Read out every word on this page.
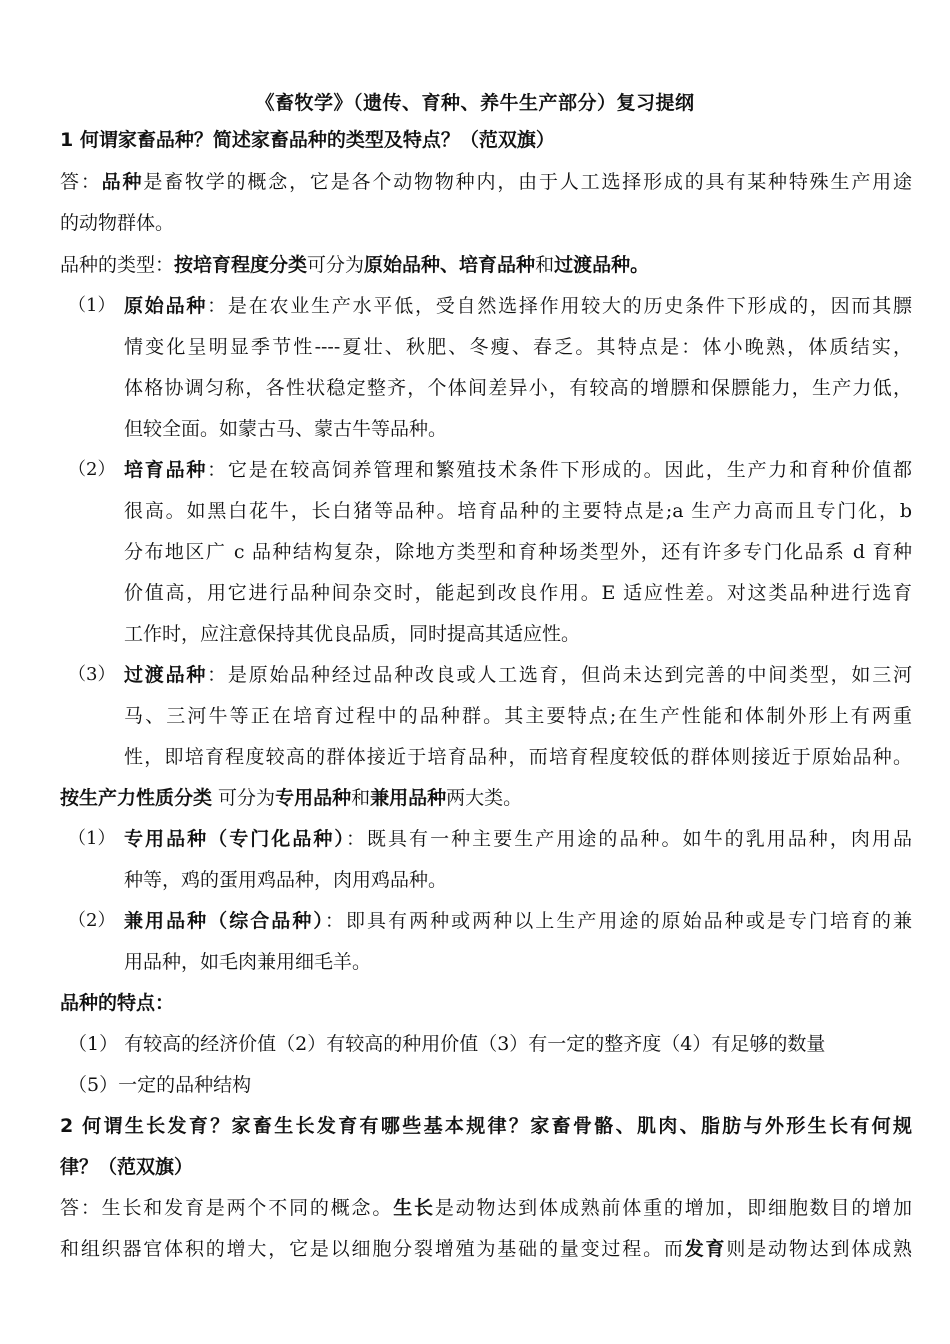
《畜牧学》（遗传、育种、养牛生产部分）复习提纲
1 何谓家畜品种？简述家畜品种的类型及特点？（范双旗）
答：品种是畜牧学的概念，它是各个动物物种内，由于人工选择形成的具有某种特殊生产用途
的动物群体。
品种的类型：按培育程度分类可分为原始品种、培育品种和过渡品种。
（1） 原始品种：是在农业生产水平低，受自然选择作用较大的历史条件下形成的，因而其膘
情变化呈明显季节性----夏壮、秋肥、冬瘦、春乏。其特点是：体小晚熟，体质结实，
体格协调匀称，各性状稳定整齐，个体间差异小，有较高的增膘和保膘能力，生产力低，
但较全面。如蒙古马、蒙古牛等品种。
（2） 培育品种：它是在较高饲养管理和繁殖技术条件下形成的。因此，生产力和育种价值都
很高。如黑白花牛，长白猪等品种。培育品种的主要特点是;a 生产力高而且专门化，b
分布地区广 c 品种结构复杂，除地方类型和育种场类型外，还有许多专门化品系 d 育种
价值高，用它进行品种间杂交时，能起到改良作用。E 适应性差。对这类品种进行选育
工作时，应注意保持其优良品质，同时提高其适应性。
（3） 过渡品种：是原始品种经过品种改良或人工选育，但尚未达到完善的中间类型，如三河
马、三河牛等正在培育过程中的品种群。其主要特点;在生产性能和体制外形上有两重
性，即培育程度较高的群体接近于培育品种，而培育程度较低的群体则接近于原始品种。
按生产力性质分类 可分为专用品种和兼用品种两大类。
（1） 专用品种（专门化品种）：既具有一种主要生产用途的品种。如牛的乳用品种，肉用品
种等，鸡的蛋用鸡品种，肉用鸡品种。
（2） 兼用品种（综合品种）：即具有两种或两种以上生产用途的原始品种或是专门培育的兼
用品种，如毛肉兼用细毛羊。
品种的特点：
（1） 有较高的经济价值（2）有较高的种用价值（3）有一定的整齐度（4）有足够的数量
（5）一定的品种结构
2 何谓生长发育？家畜生长发育有哪些基本规律？家畜骨骼、肌肉、脂肪与外形生长有何规
律？（范双旗）
答：生长和发育是两个不同的概念。生长是动物达到体成熟前体重的增加，即细胞数目的增加
和组织器官体积的增大，它是以细胞分裂增殖为基础的量变过程。而发育则是动物达到体成熟
